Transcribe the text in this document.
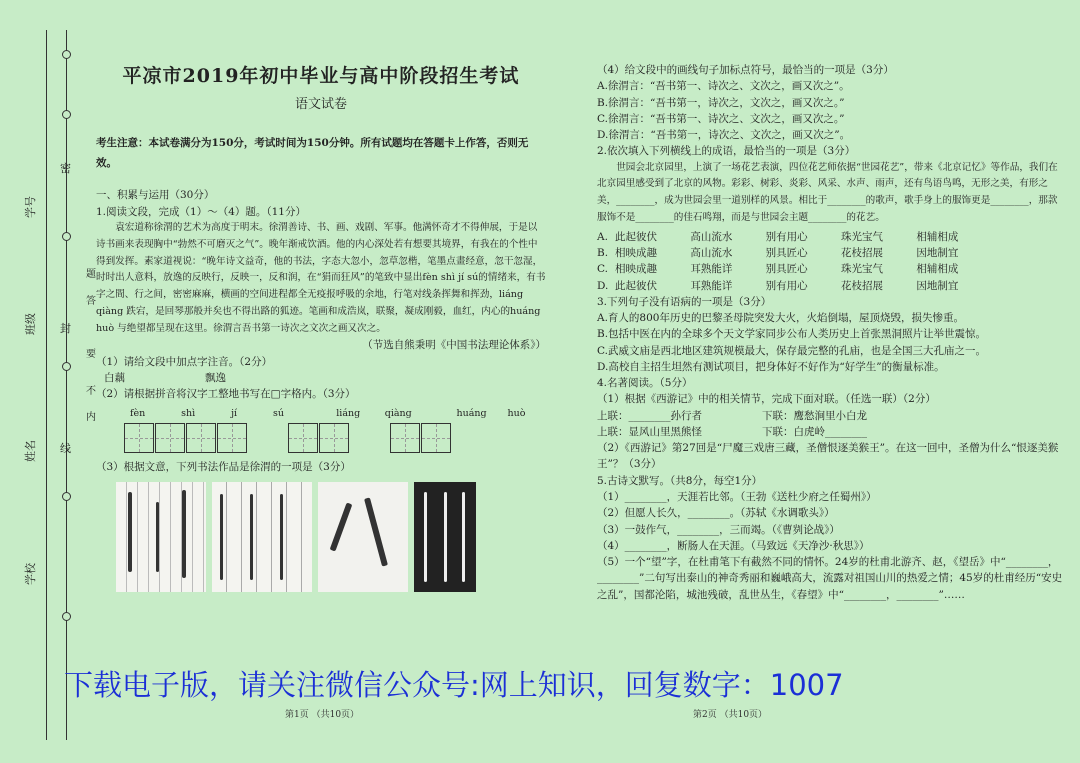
学号
班级
姓名
学校
密
题
答
封
要
不
内
线
平凉市2019年初中毕业与高中阶段招生考试
语文试卷

考生注意：本试卷满分为150分，考试时间为150分钟。所有试题均在答题卡上作答，否则无效。

一、积累与运用（30分）

1.阅读文段，完成（1）～（4）题。（11分）

袁宏道称徐渭的艺术为高度于明末。徐渭善诗、书、画、戏剧、军事。他满怀奇才不得伸展，于是以诗书画来表现胸中“勃然不可磨灭之气”。晚年渐戒饮酒。他的内心深处若有想要其境界，有我在的个性中得到发挥。素家道视说：“晚年诗文益奇，他的书法，字态大忽小，忽草忽楷，笔墨点畫经意，忽干忽湿，时时出人意料，放逸的反映行，反映一，反和润，在“狷而狂风”的笔致中显出fèn shì jí sú的情绪来，有书字之間、行之间，密密麻麻，横画的空间进程都全无疫报呼吸的余地，行笔对线条挥舞和挥劲，liáng qiàng 跌宕，是回琴那般并矣也不得出路的狐迹。笔画和成浩岚，联聚，凝成刚毅，血红，内心的huáng huò 与绝望都呈现在这里。徐渭言吾书第一诗次之文次之画又次之。

（节选自熊秉明《中国书法理论体系》）

（1）请给文段中加点字注音。（2分）

白藕	飘逸

（2）请根据拼音将汉字工整地书写在□字格内。（3分）

fèn	shì	jí	sú	liáng	qiàng	huáng huò

（3）根据文意，下列书法作品是徐渭的一项是（3分）

（4）给文段中的画线句子加标点符号，最恰当的一项是（3分）

A.徐渭言：“吾书第一、诗次之、文次之，画又次之”。

B.徐渭言：“吾书第一，诗次之，文次之，画又次之。”

C.徐渭言：“吾书第一、诗次之、文次之，画又次之。”

D.徐渭言：“吾书第一，诗次之、文次之，画又次之”。

2.依次填入下列横线上的成语，最恰当的一项是（3分）

世园会北京园里，上演了一场花艺表演，四位花艺师依据“世园花艺”，带来《北京记忆》等作品，我们在北京园里感受到了北京的风物。彩彩、树彩、炎彩、风采、水声、雨声，还有鸟语鸟鸣，无形之美，有形之美，________，成为世园会里一道别样的风景。相比于________的歌声，歌手身上的服饰更是________，那款服饰不是________的佳石鸣翔，而是与世园会主题________的花艺。

A. 此起彼伏	高山流水	别有用心	珠光宝气	相辅相成
B. 相映成趣	高山流水	别具匠心	花枝招展	因地制宜
C. 相映成趣	耳熟能详	别具匠心	珠光宝气	相辅相成
D. 此起彼伏	耳熟能详	别有用心	花枝招展	因地制宜

3.下列句子没有语病的一项是（3分）

A.育人的800年历史的巴黎圣母院突发大火，火焰倒塌，屋顶烧毁，损失惨重。

B.包括中医在内的全球多个天文学家同步公布人类历史上首张黑洞照片让举世震惊。

C.武威文庙是西北地区建筑规模最大，保存最完整的孔庙，也是全国三大孔庙之一。

D.高校自主招生坦然有测试项目，把身体好不好作为“好学生”的衡量标准。

4.名著阅读。（5分）

（1）根据《西游记》中的相关情节，完成下面对联。（任选一联）（2分）

上联：________孙行者	下联：鹰愁涧里小白龙
上联：显风山里黑熊怪	下联：白虎岭________

（2）《西游记》第27回是“尸魔三戏唐三藏，圣僧恨逐美猴王”。在这一回中，圣僧为什么“恨逐美猴王”？（3分）

5.古诗文默写。（共8分，每空1分）

（1）________，天涯若比邻。（王勃《送杜少府之任蜀州》）

（2）但愿人长久，________。（苏轼《水调歌头》）

（3）一鼓作气，________，三而竭。（《曹刿论战》）

（4）________，断肠人在天涯。（马致远《天净沙·秋思》）

（5）一个“望”字，在杜甫笔下有截然不同的情怀。24岁的杜甫北游齐、赵，《望岳》中“________，________”二句写出泰山的神奇秀丽和巍峨高大，流露对祖国山川的热爱之情；45岁的杜甫经历“安史之乱”，国都沦陷，城池残破，乱世丛生，《春望》中“________，________”……

第1页 （共10页）	第2页 （共10页）
下载电子版，请关注微信公众号:网上知识，回复数字：1007
